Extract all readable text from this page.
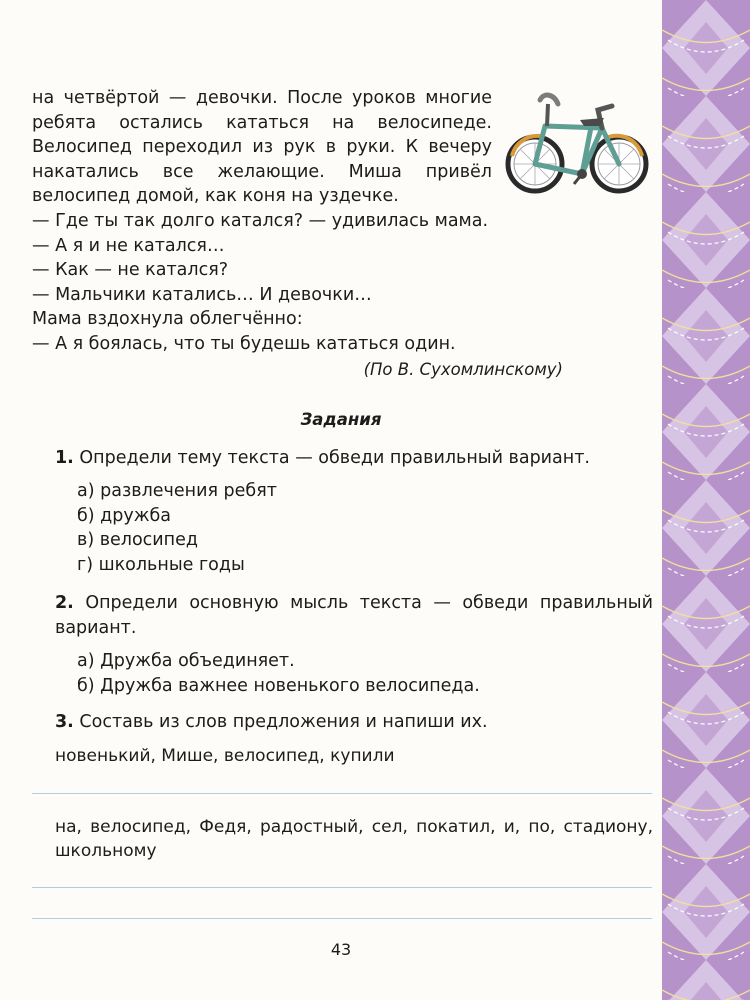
на четвёртой — девочки. После уроков многие ребята остались кататься на велосипеде. Велосипед переходил из рук в руки. К вечеру накатались все желающие. Миша привёл велосипед домой, как коня на уздечке.

— Где ты так долго катался? — удивилась мама.

— А я и не катался…

— Как — не катался?

— Мальчики катались… И девочки…

Мама вздохнула облегчённо:

— А я боялась, что ты будешь кататься один.

(По В. Сухомлинскому)
Задания
1. Определи тему текста — обведи правильный вариант.
а) развлечения ребят
б) дружба
в) велосипед
г) школьные годы
2. Определи основную мысль текста — обведи правильный вариант.
а) Дружба объединяет.
б) Дружба важнее новенького велосипеда.
3. Составь из слов предложения и напиши их.
новенький, Мише, велосипед, купили
на, велосипед, Федя, радостный, сел, покатил, и, по, стадиону, школьному
43
